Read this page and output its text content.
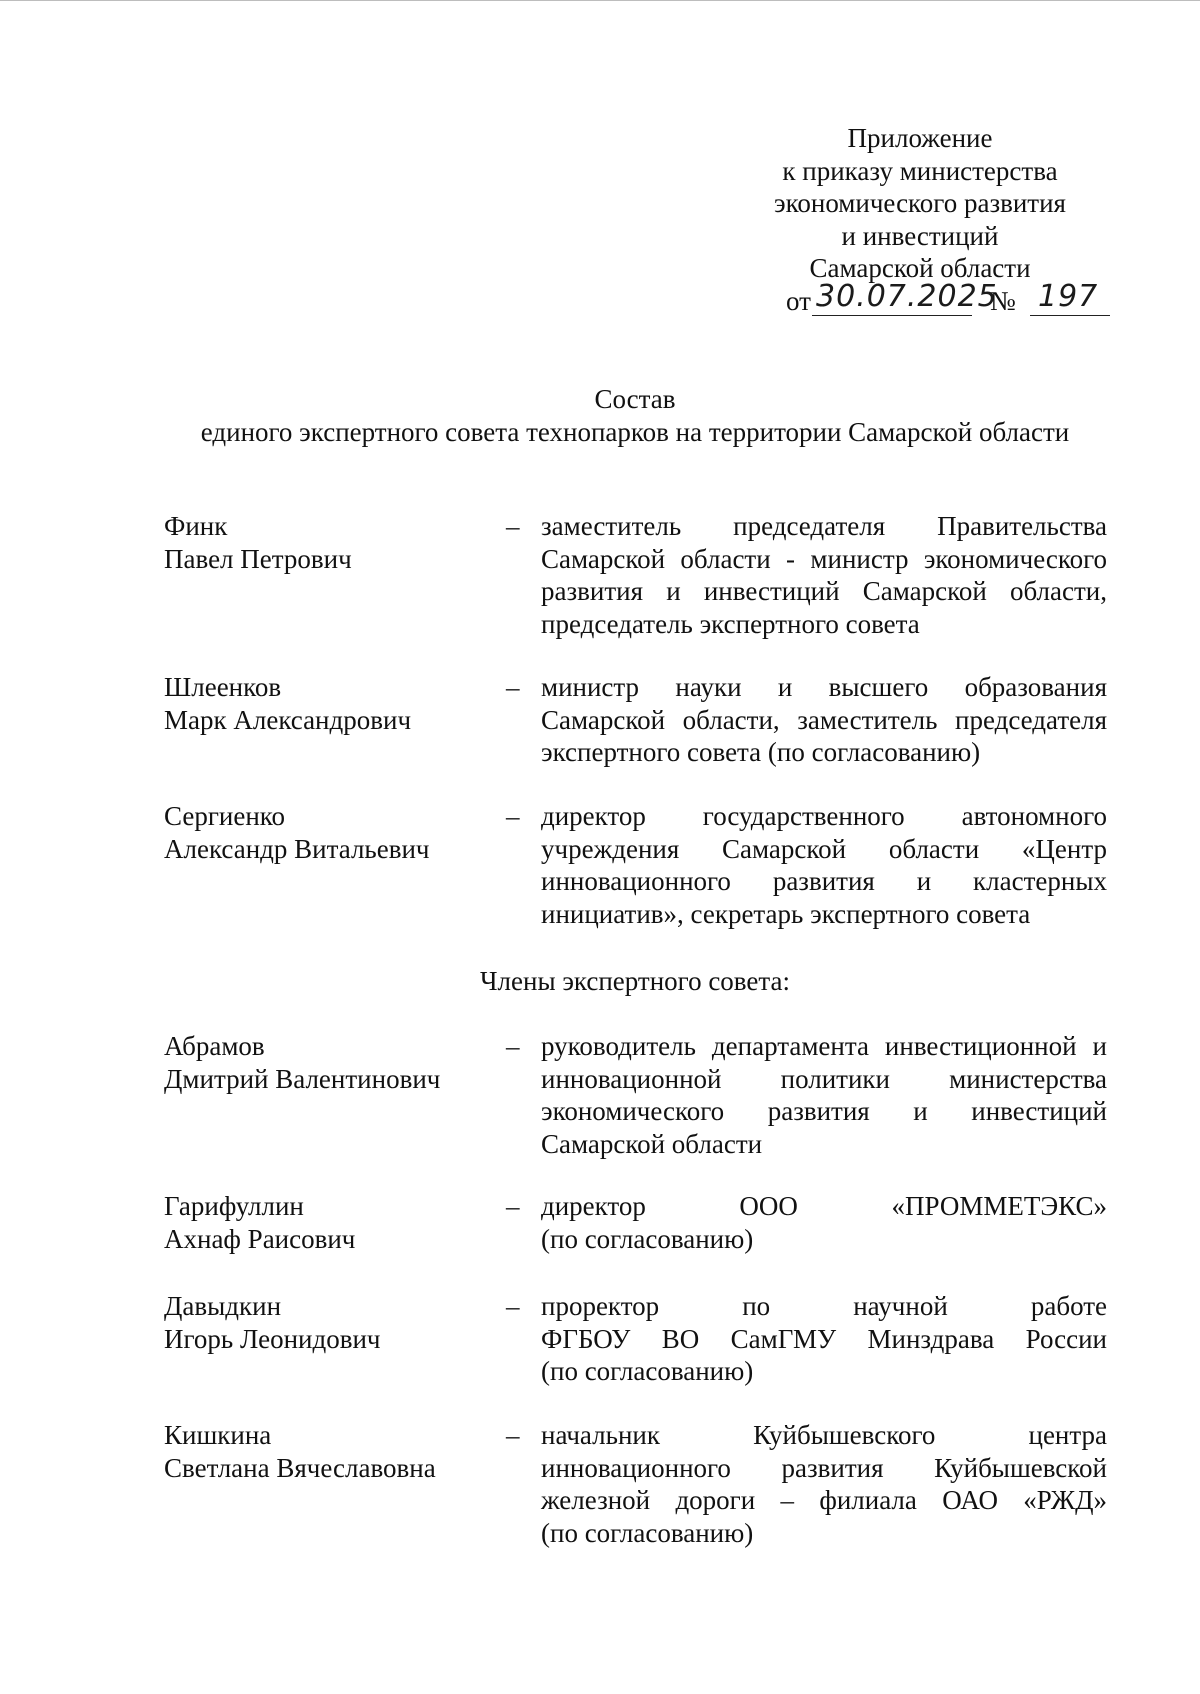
Приложение
к приказу министерства
экономического развития
и инвестиций
Самарской области
от 30.07.2025
№ 197
Состав
единого экспертного совета технопарков на территории Самарской области
Финк
Павел Петрович
– заместитель председателя Правительства
Самарской области - министр экономического
развития и инвестиций Самарской области,
председатель экспертного совета
Шлеенков
Марк Александрович
– министр науки и высшего образования
Самарской области, заместитель председателя
экспертного совета (по согласованию)
Сергиенко
Александр Витальевич
– директор государственного автономного
учреждения Самарской области «Центр
инновационного развития и кластерных
инициатив», секретарь экспертного совета
Члены экспертного совета:
Абрамов
Дмитрий Валентинович
– руководитель департамента инвестиционной и
инновационной политики министерства
экономического развития и инвестиций
Самарской области
Гарифуллин
Ахнаф Раисович
– директор ООО «ПРОММЕТЭКС»
(по согласованию)
Давыдкин
Игорь Леонидович
– проректор по научной работе
ФГБОУ ВО СамГМУ Минздрава России
(по согласованию)
Кишкина
Светлана Вячеславовна
– начальник Куйбышевского центра
инновационного развития Куйбышевской
железной дороги – филиала ОАО «РЖД»
(по согласованию)
